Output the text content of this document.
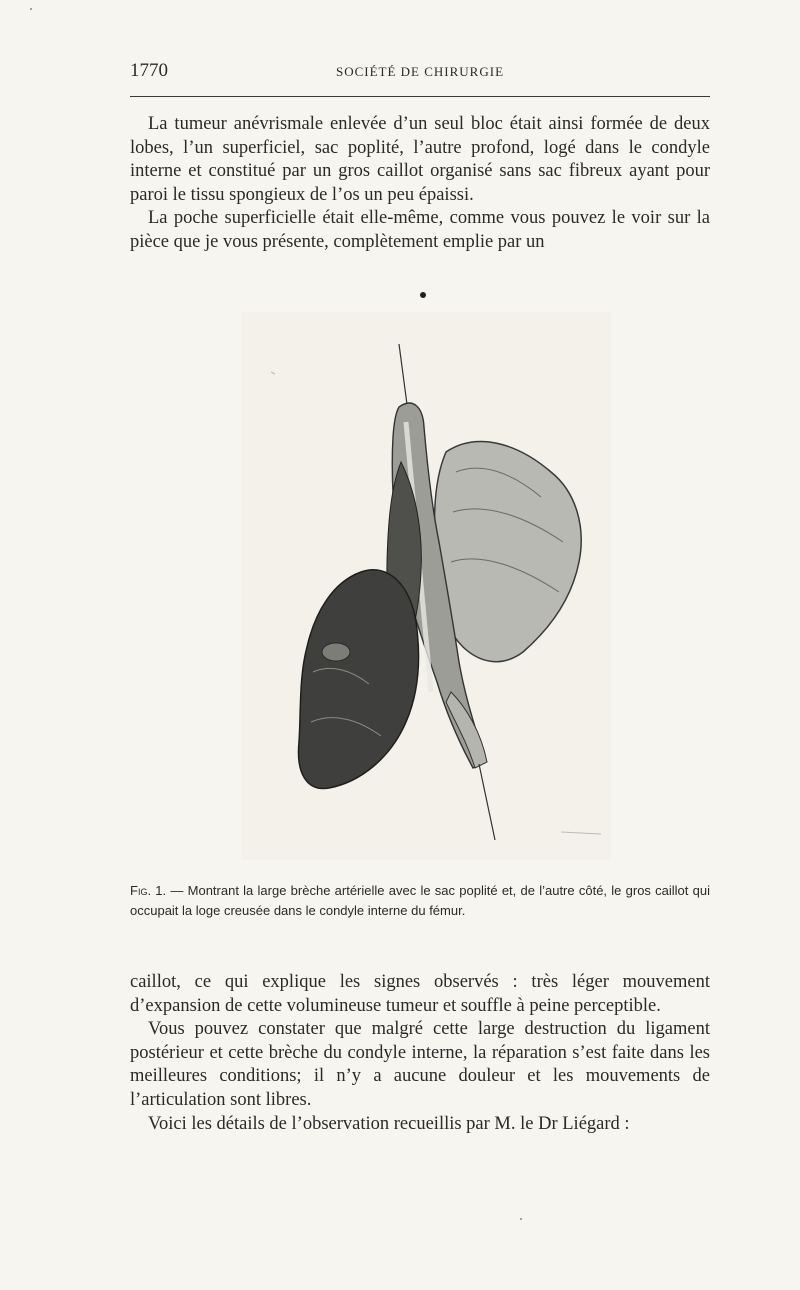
1770	SOCIÉTÉ DE CHIRURGIE

La tumeur anévrismale enlevée d’un seul bloc était ainsi formée de deux lobes, l’un superficiel, sac poplité, l’autre profond, logé dans le condyle interne et constitué par un gros caillot organisé sans sac fibreux ayant pour paroi le tissu spongieux de l’os un peu épaissi.

La poche superficielle était elle-même, comme vous pouvez le voir sur la pièce que je vous présente, complètement emplie par un

Fig. 1. — Montrant la large brèche artérielle avec le sac poplité et, de l’autre côté, le gros caillot qui occupait la loge creusée dans le condyle interne du fémur.

caillot, ce qui explique les signes observés : très léger mouvement d’expansion de cette volumineuse tumeur et souffle à peine perceptible.

Vous pouvez constater que malgré cette large destruction du ligament postérieur et cette brèche du condyle interne, la réparation s’est faite dans les meilleures conditions; il n’y a aucune douleur et les mouvements de l’articulation sont libres.

Voici les détails de l’observation recueillis par M. le Dr Liégard :
